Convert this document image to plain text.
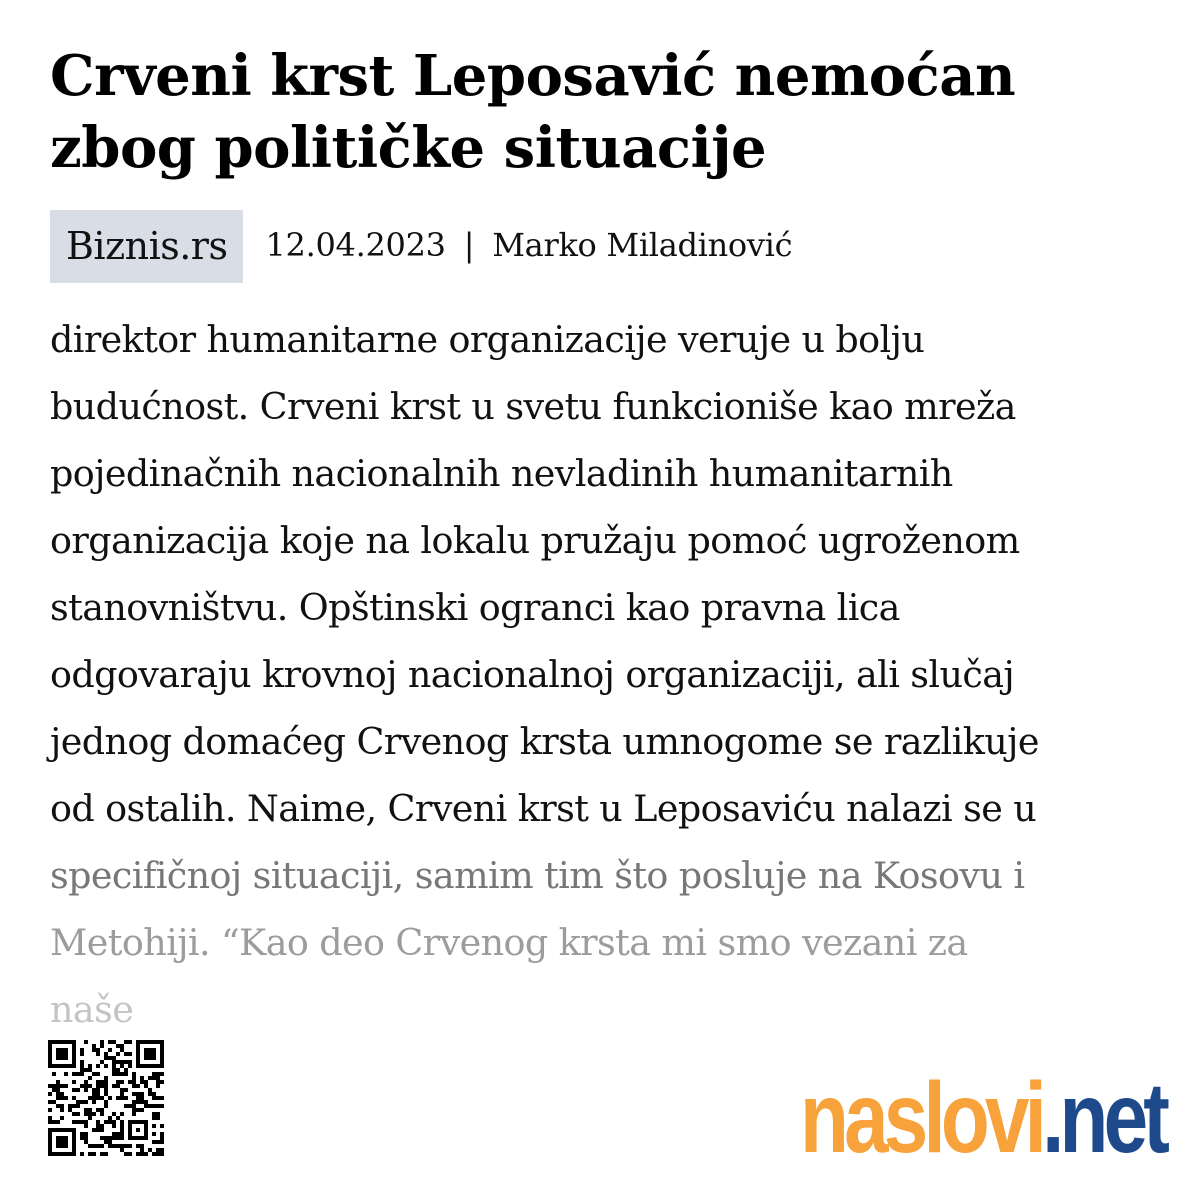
Crveni krst Leposavić nemoćan zbog političke situacije
Biznis.rs	12.04.2023 | Marko Miladinović

direktor humanitarne organizacije veruje u bolju
budućnost. Crveni krst u svetu funkcioniše kao mreža
pojedinačnih nacionalnih nevladinih humanitarnih
organizacija koje na lokalu pružaju pomoć ugroženom
stanovništvu. Opštinski ogranci kao pravna lica
odgovaraju krovnoj nacionalnoj organizaciji, ali slučaj
jednog domaćeg Crvenog krsta umnogome se razlikuje
od ostalih. Naime, Crveni krst u Leposaviću nalazi se u
specifičnoj situaciji, samim tim što posluje na Kosovu i
Metohiji. “Kao deo Crvenog krsta mi smo vezani za
naše

naslovi .net
